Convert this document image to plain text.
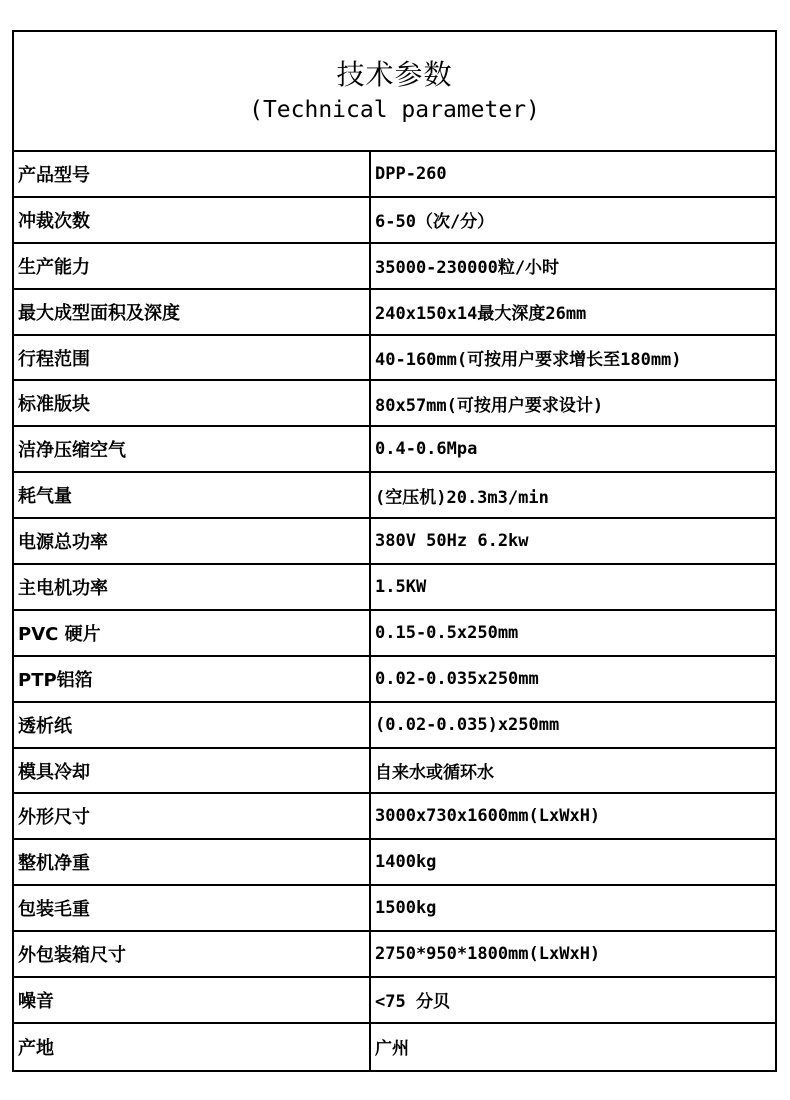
技术参数
(Technical parameter)
产品型号	DPP-260
冲裁次数	6-50（次/分）
生产能力	35000-230000粒/小时
最大成型面积及深度	240x150x14最大深度26mm
行程范围	40-160mm(可按用户要求增长至180mm)
标准版块	80x57mm(可按用户要求设计)
洁净压缩空气	0.4-0.6Mpa
耗气量	(空压机)20.3m3/min
电源总功率	380V 50Hz 6.2kw
主电机功率	1.5KW
PVC 硬片	0.15-0.5x250mm
PTP铝箔	0.02-0.035x250mm
透析纸	(0.02-0.035)x250mm
模具冷却	自来水或循环水
外形尺寸	3000x730x1600mm(LxWxH)
整机净重	1400kg
包装毛重	1500kg
外包装箱尺寸	2750*950*1800mm(LxWxH)
噪音	<75 分贝
产地	广州
